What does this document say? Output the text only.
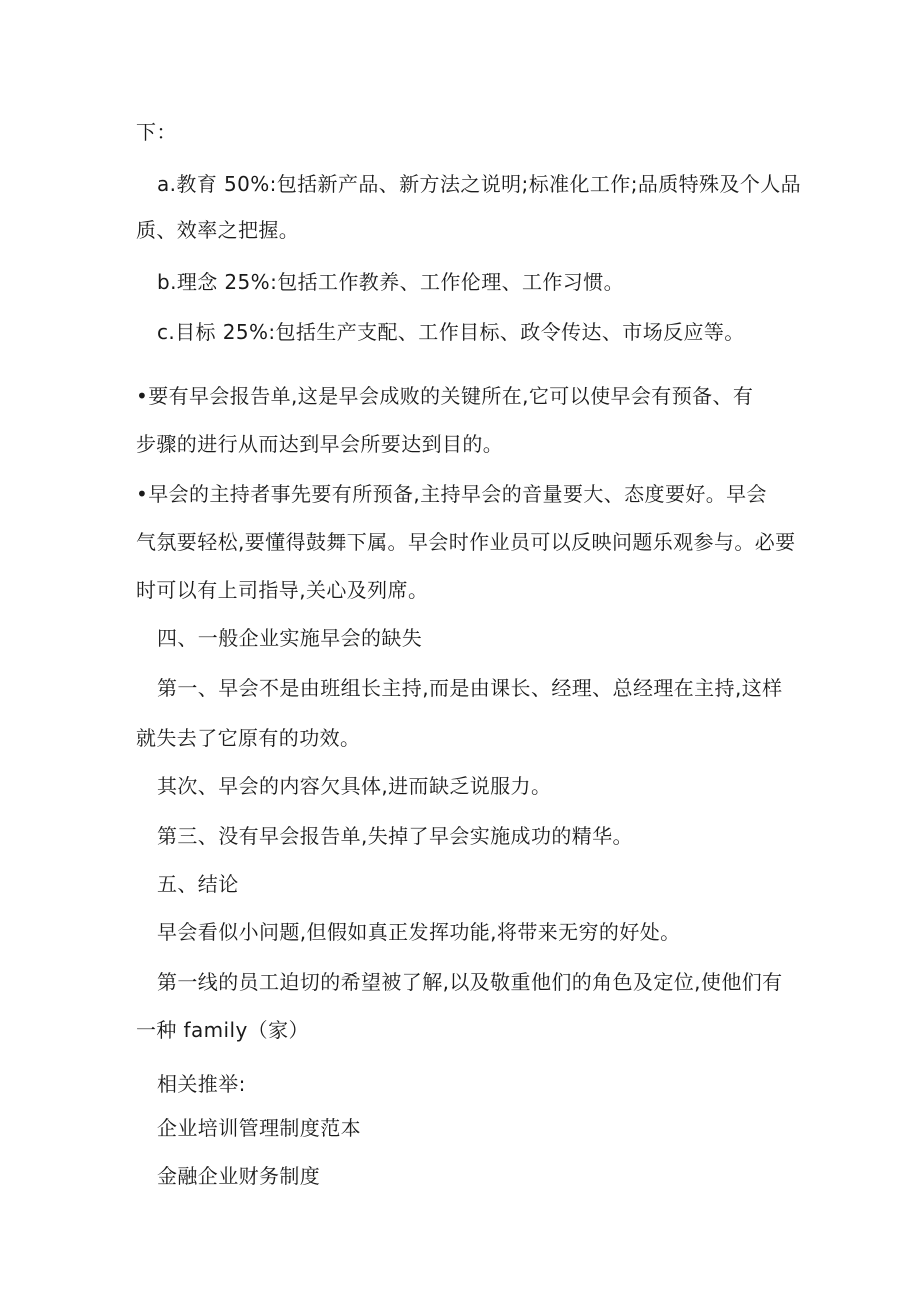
下：
a.教育 50%:包括新产品、新方法之说明;标准化工作;品质特殊及个人品
质、效率之把握。
b.理念 25%:包括工作教养、工作伦理、工作习惯。
c.目标 25%:包括生产支配、工作目标、政令传达、市场反应等。
•要有早会报告单,这是早会成败的关键所在,它可以使早会有预备、有
步骤的进行从而达到早会所要达到目的。
•早会的主持者事先要有所预备,主持早会的音量要大、态度要好。早会
气氛要轻松,要懂得鼓舞下属。早会时作业员可以反映问题乐观参与。必要
时可以有上司指导,关心及列席。
四、一般企业实施早会的缺失
第一、早会不是由班组长主持,而是由课长、经理、总经理在主持,这样
就失去了它原有的功效。
其次、早会的内容欠具体,进而缺乏说服力。
第三、没有早会报告单,失掉了早会实施成功的精华。
五、结论
早会看似小问题,但假如真正发挥功能,将带来无穷的好处。
第一线的员工迫切的希望被了解,以及敬重他们的角色及定位,使他们有
一种 family（家）
相关推举:
企业培训管理制度范本
金融企业财务制度
